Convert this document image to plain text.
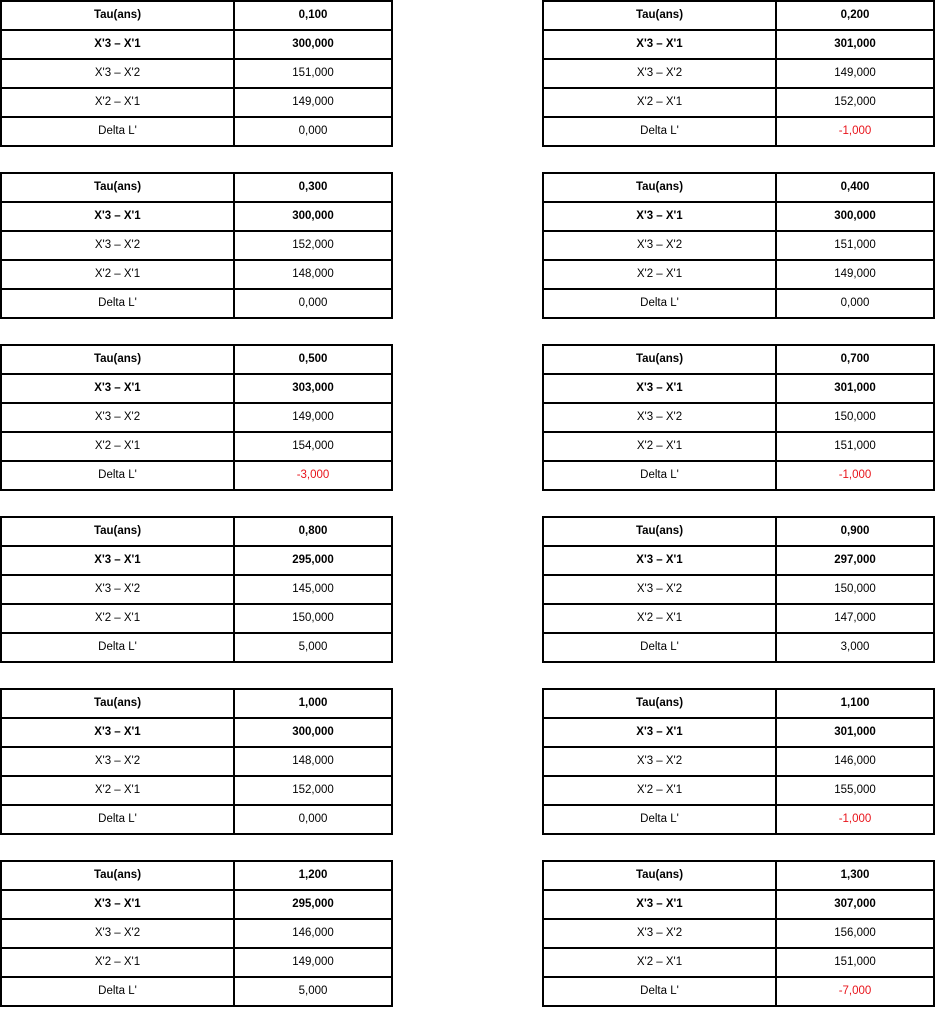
Tau(ans)	0,100
X'3 – X'1	300,000
X'3 – X'2	151,000
X'2 – X'1	149,000
Delta L'	0,000
Tau(ans)	0,200
X'3 – X'1	301,000
X'3 – X'2	149,000
X'2 – X'1	152,000
Delta L'	-1,000
Tau(ans)	0,300
X'3 – X'1	300,000
X'3 – X'2	152,000
X'2 – X'1	148,000
Delta L'	0,000
Tau(ans)	0,400
X'3 – X'1	300,000
X'3 – X'2	151,000
X'2 – X'1	149,000
Delta L'	0,000
Tau(ans)	0,500
X'3 – X'1	303,000
X'3 – X'2	149,000
X'2 – X'1	154,000
Delta L'	-3,000
Tau(ans)	0,700
X'3 – X'1	301,000
X'3 – X'2	150,000
X'2 – X'1	151,000
Delta L'	-1,000
Tau(ans)	0,800
X'3 – X'1	295,000
X'3 – X'2	145,000
X'2 – X'1	150,000
Delta L'	5,000
Tau(ans)	0,900
X'3 – X'1	297,000
X'3 – X'2	150,000
X'2 – X'1	147,000
Delta L'	3,000
Tau(ans)	1,000
X'3 – X'1	300,000
X'3 – X'2	148,000
X'2 – X'1	152,000
Delta L'	0,000
Tau(ans)	1,100
X'3 – X'1	301,000
X'3 – X'2	146,000
X'2 – X'1	155,000
Delta L'	-1,000
Tau(ans)	1,200
X'3 – X'1	295,000
X'3 – X'2	146,000
X'2 – X'1	149,000
Delta L'	5,000
Tau(ans)	1,300
X'3 – X'1	307,000
X'3 – X'2	156,000
X'2 – X'1	151,000
Delta L'	-7,000
